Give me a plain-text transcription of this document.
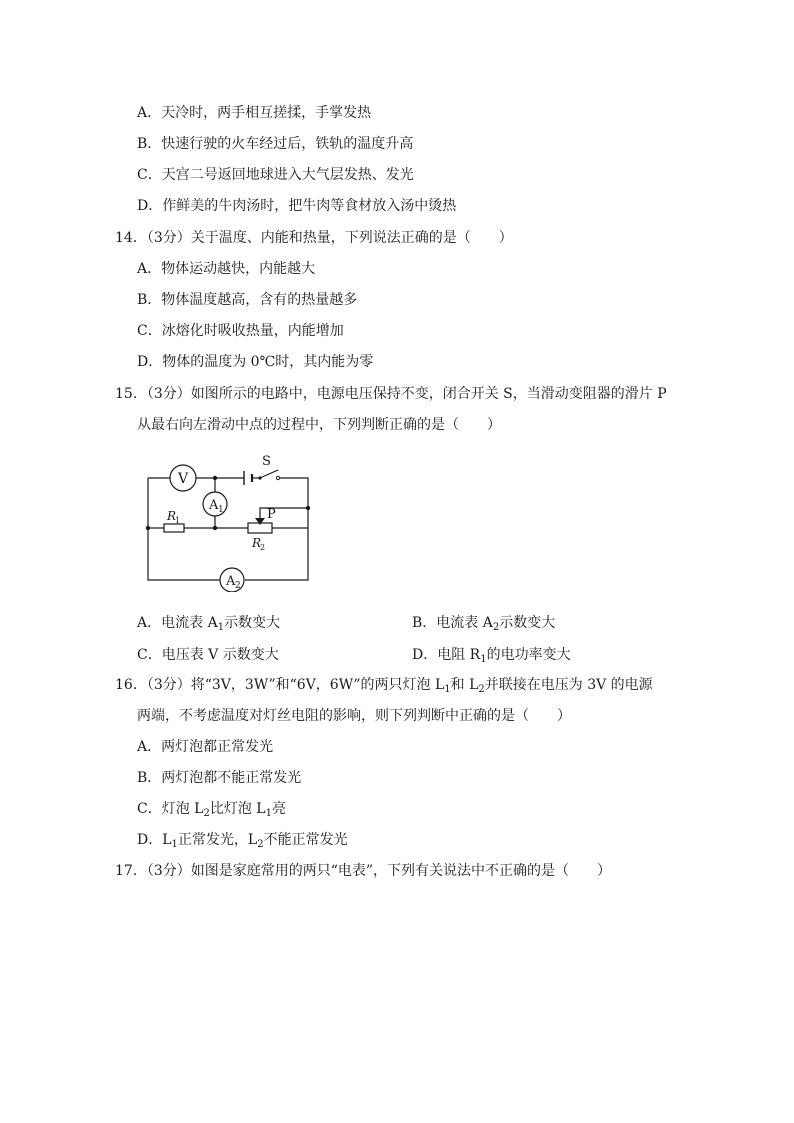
A．天冷时，两手相互搓揉，手掌发热
B．快速行驶的火车经过后，铁轨的温度升高
C．天宫二号返回地球进入大气层发热、发光
D．作鲜美的牛肉汤时，把牛肉等食材放入汤中烫热
14．（3分）关于温度、内能和热量，下列说法正确的是（　　）
A．物体运动越快，内能越大
B．物体温度越高，含有的热量越多
C．冰熔化时吸收热量，内能增加
D．物体的温度为 0℃时，其内能为零
15．（3分）如图所示的电路中，电源电压保持不变，闭合开关 S，当滑动变阻器的滑片 P
从最右向左滑动中点的过程中，下列判断正确的是（　　）
V
S
A 1
R
1	P
R
2
A 2
A．电流表 $A_1$示数变大	B．电流表 $A_2$示数变大
C．电压表 V 示数变大	D．电阻 $R_1$的电功率变大
16．（3分）将“3V，3W”和“6V，6W”的两只灯泡 $L_1$和 $L_2$并联接在电压为 3V 的电源
两端，不考虑温度对灯丝电阻的影响，则下列判断中正确的是（　　）
A．两灯泡都正常发光
B．两灯泡都不能正常发光
C．灯泡 $L_2$比灯泡 $L_1$亮
D．$L_1$正常发光，$L_2$不能正常发光
17．（3分）如图是家庭常用的两只“电表”，下列有关说法中不正确的是（　　）
